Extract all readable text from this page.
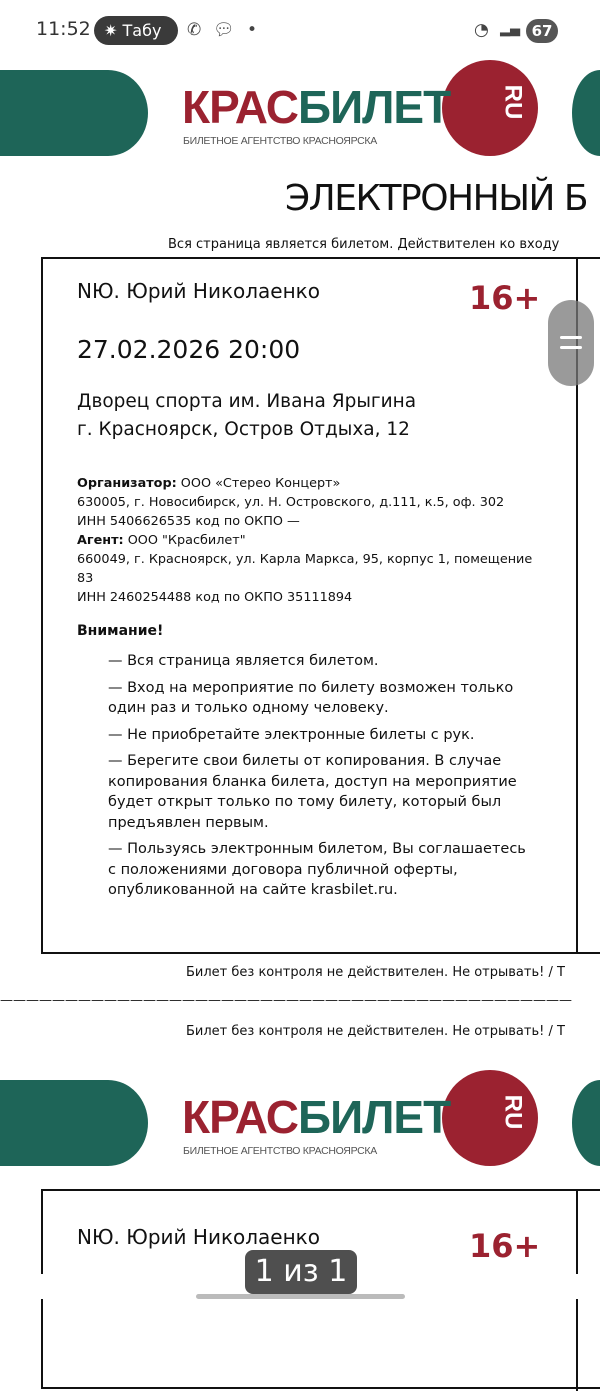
11:52 ✷ Табу	✆ 💬︎ •	◔ ▂▄ 67
RU
КРАСБИЛЕТ
БИЛЕТНОЕ АГЕНТСТВО КРАСНОЯРСКА
ЭЛЕКТРОННЫЙ Б
Вся страница является билетом. Действителен ко входу
NЮ. Юрий Николаенко	16+
27.02.2026 20:00
Дворец спорта им. Ивана Ярыгина
г. Красноярск, Остров Отдыха, 12
Организатор: ООО «Стерео Концерт»
630005, г. Новосибирск, ул. Н. Островского, д.111, к.5, оф. 302
ИНН 5406626535 код по ОКПО —
Агент: ООО "Красбилет"
660049, г. Красноярск, ул. Карла Маркса, 95, корпус 1, помещение 83
ИНН 2460254488 код по ОКПО 35111894
Внимание!
— Вся страница является билетом.
— Вход на мероприятие по билету возможен только один раз и только одному человеку.
— Не приобретайте электронные билеты с рук.
— Берегите свои билеты от копирования. В случае копирования бланка билета, доступ на мероприятие будет открыт только по тому билету, который был предъявлен первым.
— Пользуясь электронным билетом, Вы соглашаетесь с положениями договора публичной оферты, опубликованной на сайте krasbilet.ru.
Билет без контроля не действителен. Не отрывать! / Т
————————————————————————————————————————————
Билет без контроля не действителен. Не отрывать! / Т
RU
КРАСБИЛЕТ
БИЛЕТНОЕ АГЕНТСТВО КРАСНОЯРСКА
NЮ. Юрий Николаенко	16+
1 из 1
